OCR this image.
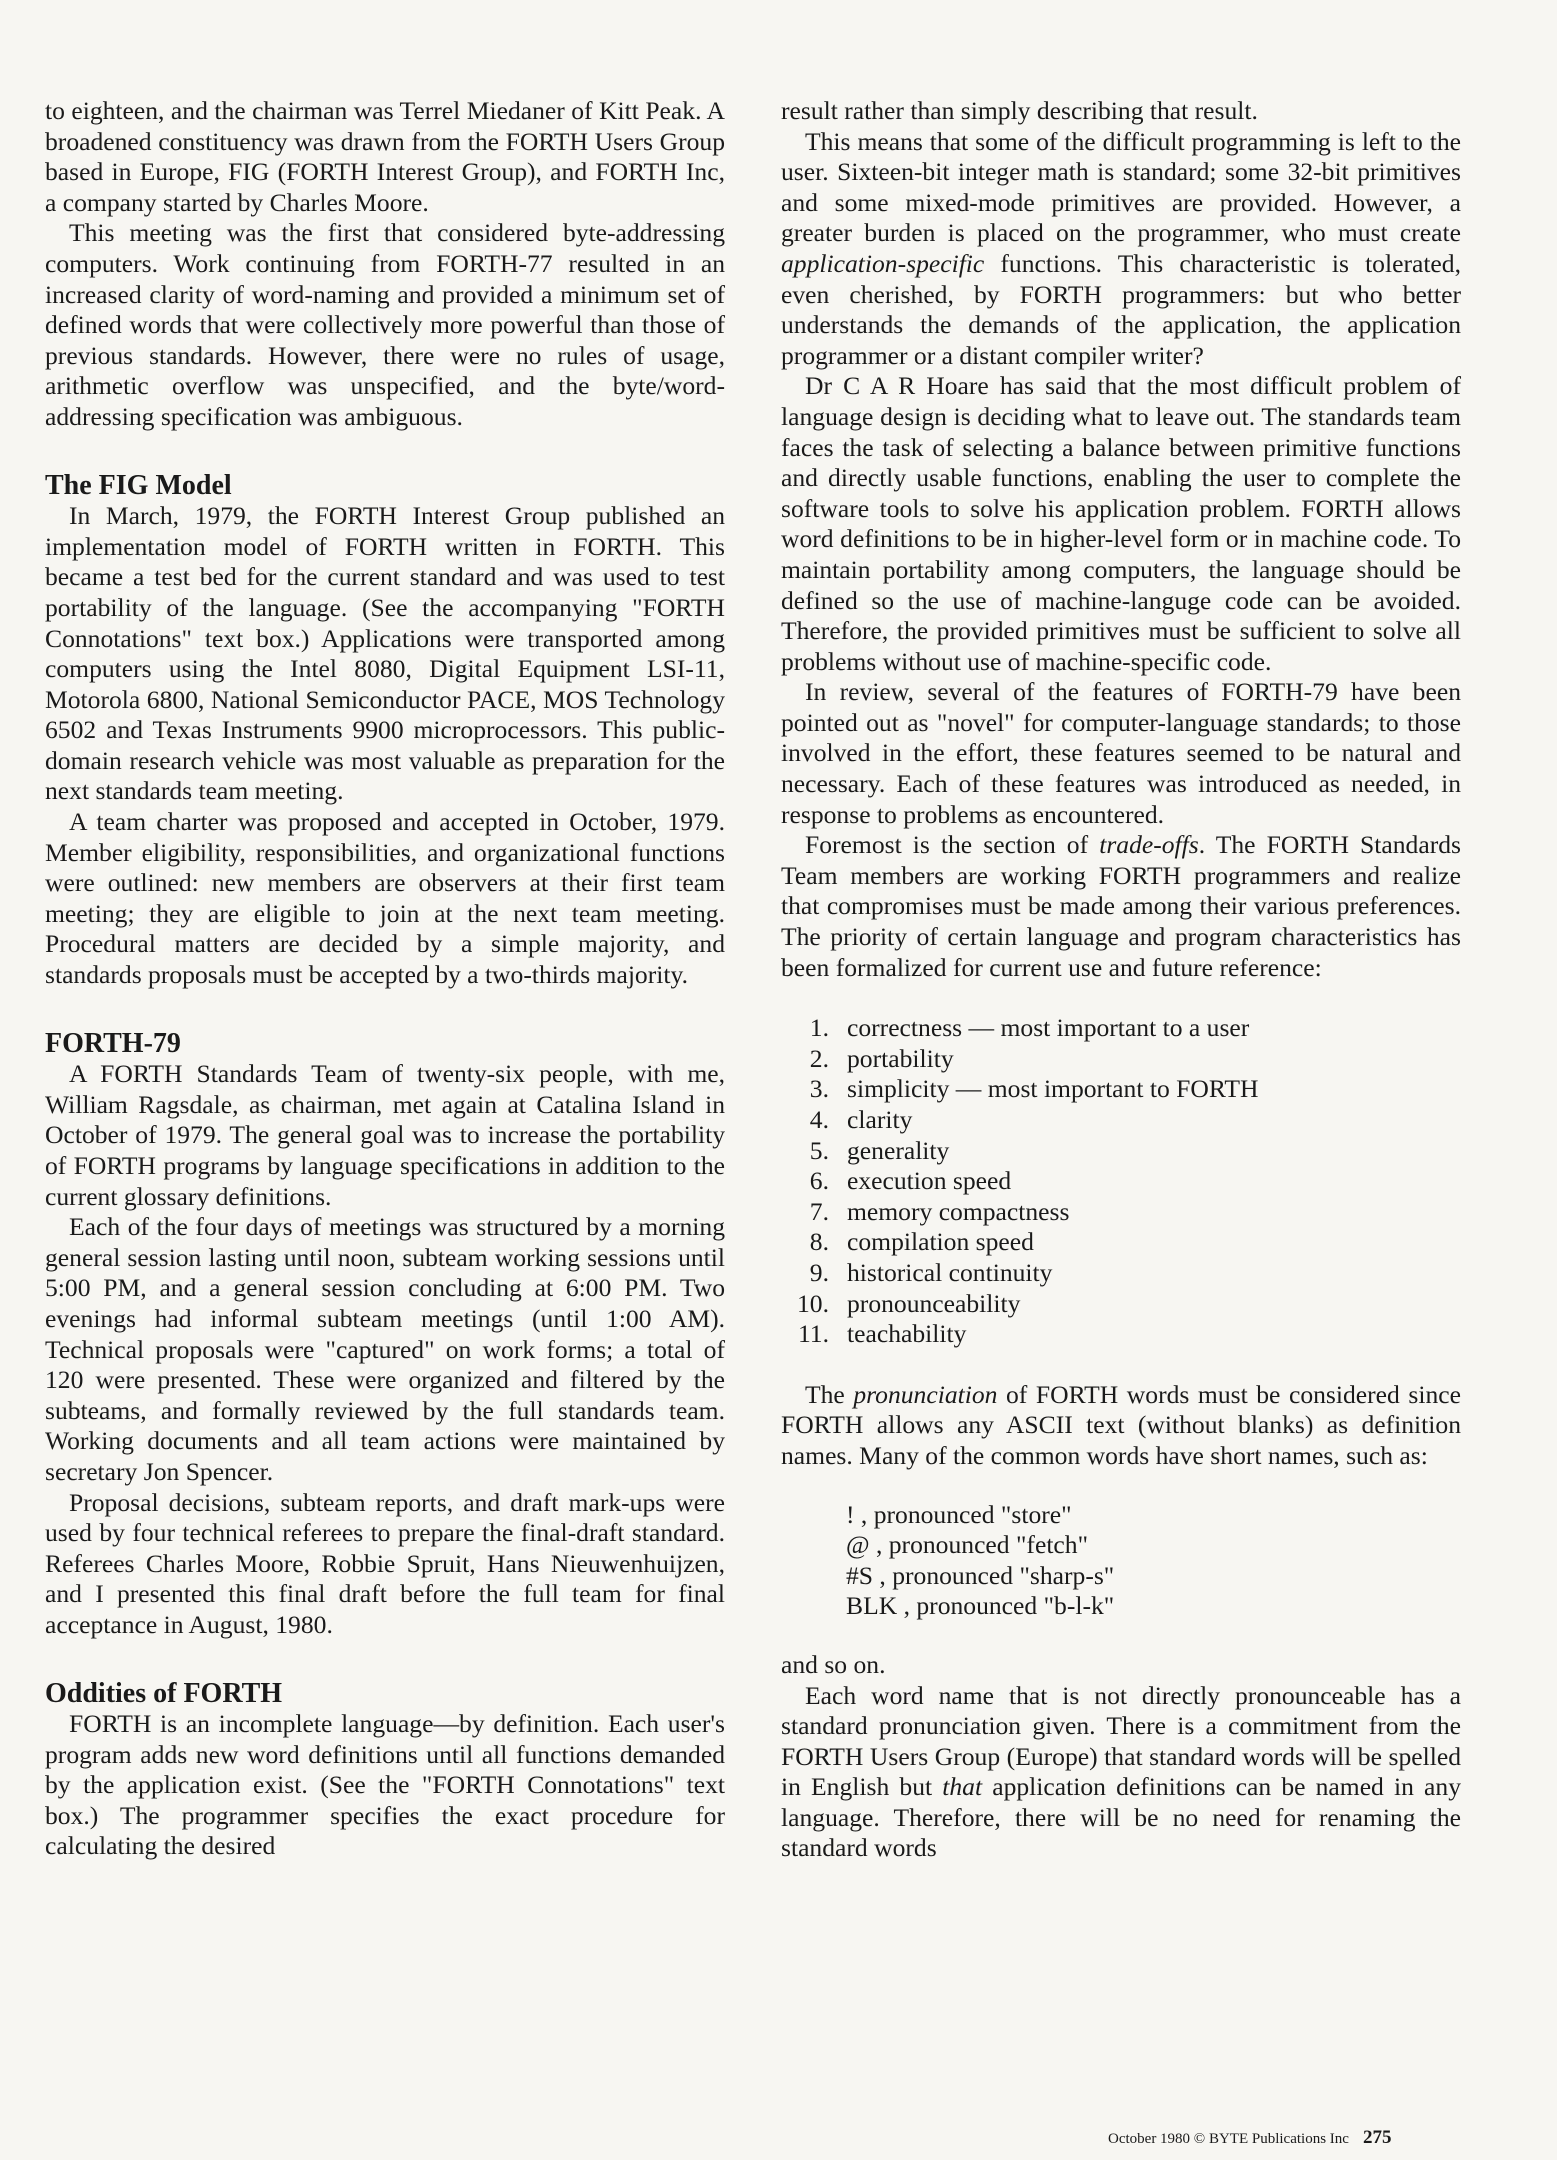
to eighteen, and the chairman was Terrel Miedaner of Kitt Peak. A broadened constituency was drawn from the FORTH Users Group based in Europe, FIG (FORTH Interest Group), and FORTH Inc, a company started by Charles Moore.

This meeting was the first that considered byte-addressing computers. Work continuing from FORTH-77 resulted in an increased clarity of word-naming and provided a minimum set of defined words that were collectively more powerful than those of previous standards. However, there were no rules of usage, arithmetic overflow was unspecified, and the byte/word-addressing specification was ambiguous.

The FIG Model

In March, 1979, the FORTH Interest Group published an implementation model of FORTH written in FORTH. This became a test bed for the current standard and was used to test portability of the language. (See the accompanying "FORTH Connotations" text box.) Applications were transported among computers using the Intel 8080, Digital Equipment LSI-11, Motorola 6800, National Semiconductor PACE, MOS Technology 6502 and Texas Instruments 9900 microprocessors. This public-domain research vehicle was most valuable as preparation for the next standards team meeting.

A team charter was proposed and accepted in October, 1979. Member eligibility, responsibilities, and organizational functions were outlined: new members are observers at their first team meeting; they are eligible to join at the next team meeting. Procedural matters are decided by a simple majority, and standards proposals must be accepted by a two-thirds majority.

FORTH-79

A FORTH Standards Team of twenty-six people, with me, William Ragsdale, as chairman, met again at Catalina Island in October of 1979. The general goal was to increase the portability of FORTH programs by language specifications in addition to the current glossary definitions.

Each of the four days of meetings was structured by a morning general session lasting until noon, subteam working sessions until 5:00 PM, and a general session concluding at 6:00 PM. Two evenings had informal subteam meetings (until 1:00 AM). Technical proposals were "captured" on work forms; a total of 120 were presented. These were organized and filtered by the subteams, and formally reviewed by the full standards team. Working documents and all team actions were maintained by secretary Jon Spencer.

Proposal decisions, subteam reports, and draft mark-ups were used by four technical referees to prepare the final-draft standard. Referees Charles Moore, Robbie Spruit, Hans Nieuwenhuijzen, and I presented this final draft before the full team for final acceptance in August, 1980.

Oddities of FORTH

FORTH is an incomplete language—by definition. Each user's program adds new word definitions until all functions demanded by the application exist. (See the "FORTH Connotations" text box.) The programmer specifies the exact procedure for calculating the desired

result rather than simply describing that result.

This means that some of the difficult programming is left to the user. Sixteen-bit integer math is standard; some 32-bit primitives and some mixed-mode primitives are provided. However, a greater burden is placed on the programmer, who must create application-specific functions. This characteristic is tolerated, even cherished, by FORTH programmers: but who better understands the demands of the application, the application programmer or a distant compiler writer?

Dr C A R Hoare has said that the most difficult problem of language design is deciding what to leave out. The standards team faces the task of selecting a balance between primitive functions and directly usable functions, enabling the user to complete the software tools to solve his application problem. FORTH allows word definitions to be in higher-level form or in machine code. To maintain portability among computers, the language should be defined so the use of machine-languge code can be avoided. Therefore, the provided primitives must be sufficient to solve all problems without use of machine-specific code.

In review, several of the features of FORTH-79 have been pointed out as "novel" for computer-language standards; to those involved in the effort, these features seemed to be natural and necessary. Each of these features was introduced as needed, in response to problems as encountered.

Foremost is the section of trade-offs. The FORTH Standards Team members are working FORTH programmers and realize that compromises must be made among their various preferences. The priority of certain language and program characteristics has been formalized for current use and future reference:

1. correctness — most important to a user
2. portability
3. simplicity — most important to FORTH
4. clarity
5. generality
6. execution speed
7. memory compactness
8. compilation speed
9. historical continuity
10. pronounceability
11. teachability

The pronunciation of FORTH words must be considered since FORTH allows any ASCII text (without blanks) as definition names. Many of the common words have short names, such as:

! , pronounced "store"
@ , pronounced "fetch"
#S , pronounced "sharp-s"
BLK , pronounced "b-l-k"

and so on.

Each word name that is not directly pronounceable has a standard pronunciation given. There is a commitment from the FORTH Users Group (Europe) that standard words will be spelled in English but that application definitions can be named in any language. Therefore, there will be no need for renaming the standard words

October 1980 © BYTE Publications Inc 275
